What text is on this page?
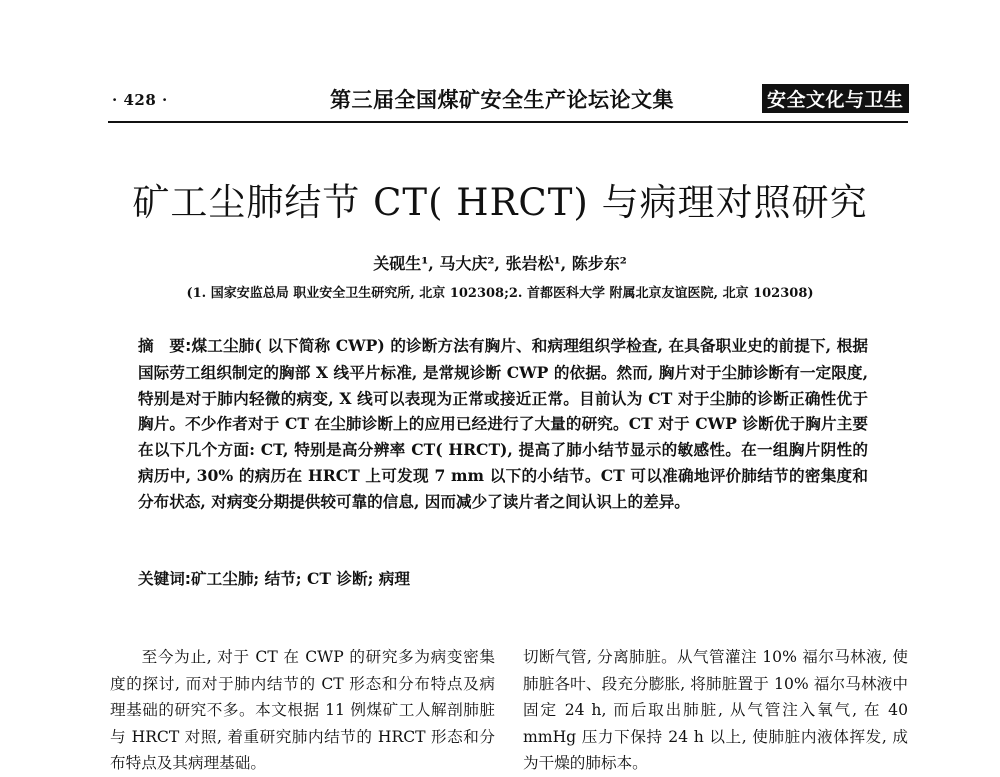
· 428 ·	第三届全国煤矿安全生产论坛论文集	安全文化与卫生
矿工尘肺结节 CT( HRCT) 与病理对照研究
关砚生¹, 马大庆², 张岩松¹, 陈步东²
(1. 国家安监总局 职业安全卫生研究所, 北京 102308;2. 首都医科大学 附属北京友谊医院, 北京 102308)

摘　要:煤工尘肺( 以下简称 CWP) 的诊断方法有胸片、和病理组织学检查, 在具备职业史的前提下, 根据国际劳工组织制定的胸部 X 线平片标准, 是常规诊断 CWP 的依据。然而, 胸片对于尘肺诊断有一定限度, 特别是对于肺内轻微的病变, X 线可以表现为正常或接近正常。目前认为 CT 对于尘肺的诊断正确性优于胸片。不少作者对于 CT 在尘肺诊断上的应用已经进行了大量的研究。CT 对于 CWP 诊断优于胸片主要在以下几个方面: CT, 特别是高分辨率 CT( HRCT), 提高了肺小结节显示的敏感性。在一组胸片阴性的病历中, 30% 的病历在 HRCT 上可发现 7 mm 以下的小结节。CT 可以准确地评价肺结节的密集度和分布状态, 对病变分期提供较可靠的信息, 因而减少了读片者之间认识上的差异。

关键词:矿工尘肺; 结节; CT 诊断; 病理

至今为止, 对于 CT 在 CWP 的研究多为病变密集度的探讨, 而对于肺内结节的 CT 形态和分布特点及病理基础的研究不多。本文根据 11 例煤矿工人解剖肺脏与 HRCT 对照, 着重研究肺内结节的 HRCT 形态和分布特点及其病理基础。

切断气管, 分离肺脏。从气管灌注 10% 福尔马林液, 使肺脏各叶、段充分膨胀, 将肺脏置于 10% 福尔马林液中固定 24 h, 而后取出肺脏, 从气管注入氧气, 在 40 mmHg 压力下保持 24 h 以上, 使肺脏内液体挥发, 成为干燥的肺标本。
